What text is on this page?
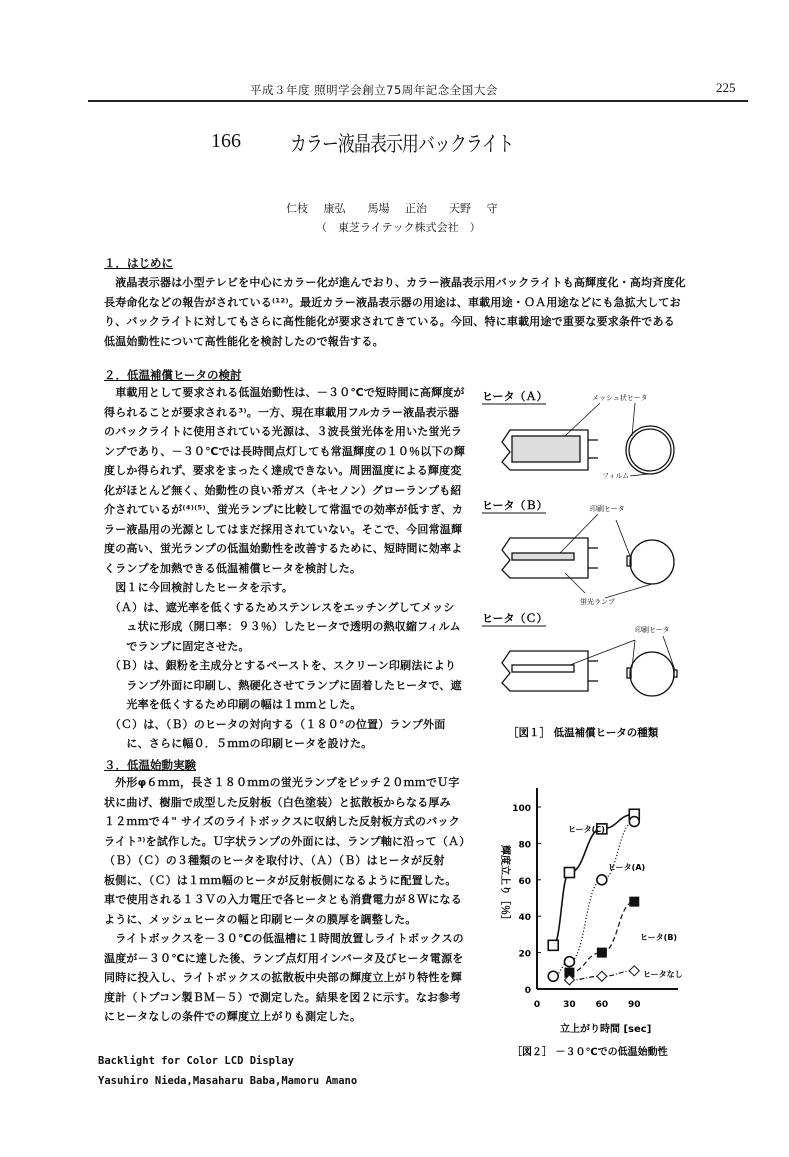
平成３年度 照明学会創立75周年記念全国大会	225
166 カラー液晶表示用バックライト
仁枝 康弘　　馬場 正治　　天野 守
（　東芝ライテック株式会社　）
１．はじめに
　液晶表示器は小型テレビを中心にカラー化が進んでおり、カラー液晶表示用バックライトも高輝度化・高均斉度化
長寿命化などの報告がされている⁽¹²⁾。最近カラー液晶表示器の用途は、車載用途・ＯＡ用途などにも急拡大してお
り、バックライトに対してもさらに高性能化が要求されてきている。今回、特に車載用途で重要な要求条件である
低温始動性について高性能化を検討したので報告する。
２．低温補償ヒータの検討
　車載用として要求される低温始動性は、－３０℃で短時間に高輝度が
得られることが要求される³⁾。一方、現在車載用フルカラー液晶表示器
のバックライトに使用されている光源は、３波長蛍光体を用いた蛍光ラ
ンプであり、－３０℃では長時間点灯しても常温輝度の１０％以下の輝
度しか得られず、要求をまったく達成できない。周囲温度による輝度変
化がほとんど無く、始動性の良い希ガス（キセノン）グローランプも紹
介されているが⁽⁴⁾⁽⁵⁾、蛍光ランプに比較して常温での効率が低すぎ、カ
ラー液晶用の光源としてはまだ採用されていない。そこで、今回常温輝
度の高い、蛍光ランプの低温始動性を改善するために、短時間に効率よ
くランプを加熱できる低温補償ヒータを検討した。
　図１に今回検討したヒータを示す。
　（Ａ）は、遮光率を低くするためステンレスをエッチングしてメッシ
　　ュ状に形成（開口率：９３％）したヒータで透明の熱収縮フィルム
　　でランプに固定させた。
　（Ｂ）は、銀粉を主成分とするペーストを、スクリーン印刷法により
　　ランプ外面に印刷し、熱硬化させてランプに固着したヒータで、遮
　　光率を低くするため印刷の幅は１ｍｍとした。
　（Ｃ）は、（Ｂ）のヒータの対向する（１８０°の位置）ランプ外面
　　に、さらに幅０．５ｍｍの印刷ヒータを設けた。
３．低温始動実験
　外形φ６ｍｍ，長さ１８０ｍｍの蛍光ランプをピッチ２０ｍｍでＵ字
状に曲げ、樹脂で成型した反射板（白色塗装）と拡散板からなる厚み
１２ｍｍで４" サイズのライトボックスに収納した反射板方式のバック
ライト³⁾を試作した。Ｕ字状ランプの外面には、ランプ軸に沿って（Ａ）
（Ｂ）（Ｃ）の３種類のヒータを取付け、（Ａ）（Ｂ）はヒータが反射
板側に、（Ｃ）は１ｍｍ幅のヒータが反射板側になるように配置した。
車で使用される１３Ｖの入力電圧で各ヒータとも消費電力が８Ｗになる
ように、メッシュヒータの幅と印刷ヒータの膜厚を調整した。
　ライトボックスを－３０℃の低温槽に１時間放置しライトボックスの
温度が－３０℃に達した後、ランプ点灯用インバータ及びヒータ電源を
同時に投入し、ライトボックスの拡散板中央部の輝度立上がり特性を輝
度計（トプコン製ＢＭ－５）で測定した。結果を図２に示す。なお参考
にヒータなしの条件での輝度立上がりも測定した。
ヒータ（Ａ）	メッシュ状ヒータ
フィルム
ヒータ（Ｂ）	印刷ヒータ
蛍光ランプ
ヒータ（Ｃ）
印刷ヒータ
［図１］ 低温補償ヒータの種類
0
20
40
60
80
100
0	30 60 90
ヒータ(C)
ヒータ(A)
ヒータ(B)
ヒータなし
立上がり時間 [sec]
［図２］ －３０℃での低温始動性
輝度立上り［％］
Backlight for Color LCD Display
Yasuhiro Nieda,Masaharu Baba,Mamoru Amano
